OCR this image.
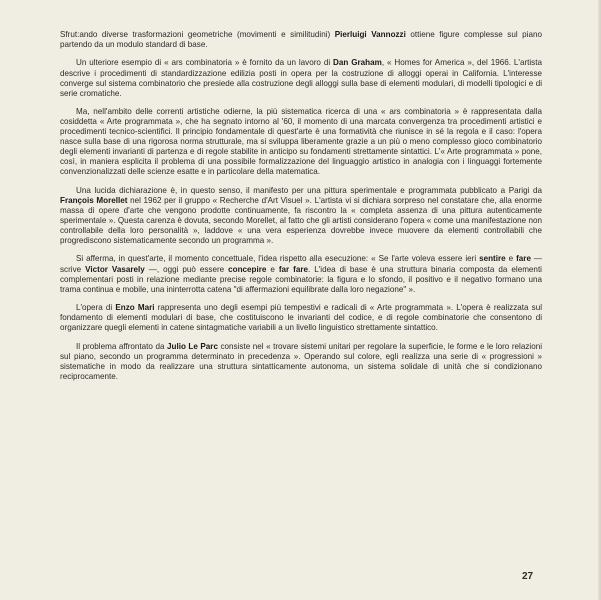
Sfrut:ando diverse trasformazioni geometriche (movimenti e similitudini) Pierluigi Vannozzi ottiene figure complesse sul piano partendo da un modulo standard di base.

Un ulteriore esempio di « ars combinatoria » è fornito da un lavoro di Dan Graham, « Homes for America », del 1966. L'artista descrive i procedimenti di standardizzazione edilizia posti in opera per la costruzione di alloggi operai in California. L'interesse converge sul sistema combinatorio che presiede alla costruzione degli alloggi sulla base di elementi modulari, di modelli tipologici e di serie cromatiche.

Ma, nell'ambito delle correnti artistiche odierne, la più sistematica ricerca di una « ars combinatoria » è rappresentata dalla cosiddetta « Arte programmata », che ha segnato intorno al '60, il momento di una marcata convergenza tra procedimenti artistici e procedimenti tecnico-scientifici. Il principio fondamentale di quest'arte è una formatività che riunisce in sé la regola e il caso: l'opera nasce sulla base di una rigorosa norma strutturale, ma si sviluppa liberamente grazie a un più o meno complesso gioco combinatorio degli elementi invarianti di partenza e di regole stabilite in anticipo su fondamenti strettamente sintattici. L'« Arte programmata » pone, così, in maniera esplicita il problema di una possibile formalizzazione del linguaggio artistico in analogia con i linguaggi fortemente convenzionalizzati delle scienze esatte e in particolare della matematica.

Una lucida dichiarazione è, in questo senso, il manifesto per una pittura sperimentale e programmata pubblicato a Parigi da François Morellet nel 1962 per il gruppo « Recherche d'Art Visuel ». L'artista vi si dichiara sorpreso nel constatare che, alla enorme massa di opere d'arte che vengono prodotte continuamente, fa riscontro la « completa assenza di una pittura autenticamente sperimentale ». Questa carenza è dovuta, secondo Morellet, al fatto che gli artisti considerano l'opera « come una manifestazione non controllabile della loro personalità », laddove « una vera esperienza dovrebbe invece muovere da elementi controllabili che progrediscono sistematicamente secondo un programma ».

Si afferma, in quest'arte, il momento concettuale, l'idea rispetto alla esecuzione: « Se l'arte voleva essere ieri sentire e fare — scrive Victor Vasarely —, oggi può essere concepire e far fare. L'idea di base è una struttura binaria composta da elementi complementari posti in relazione mediante precise regole combinatorie: la figura e lo sfondo, il positivo e il negativo formano una trama continua e mobile, una ininterrotta catena "di affermazioni equilibrate dalla loro negazione" ».

L'opera di Enzo Mari rappresenta uno degli esempi più tempestivi e radicali di « Arte programmata ». L'opera è realizzata sul fondamento di elementi modulari di base, che costituiscono le invarianti del codice, e di regole combinatorie che consentono di organizzare quegli elementi in catene sintagmatiche variabili a un livello linguistico strettamente sintattico.

Il problema affrontato da Julio Le Parc consiste nel « trovare sistemi unitari per regolare la superficie, le forme e le loro relazioni sul piano, secondo un programma determinato in precedenza ». Operando sul colore, egli realizza una serie di « progressioni » sistematiche in modo da realizzare una struttura sintatticamente autonoma, un sistema solidale di unità che si condizionano reciprocamente.

27
